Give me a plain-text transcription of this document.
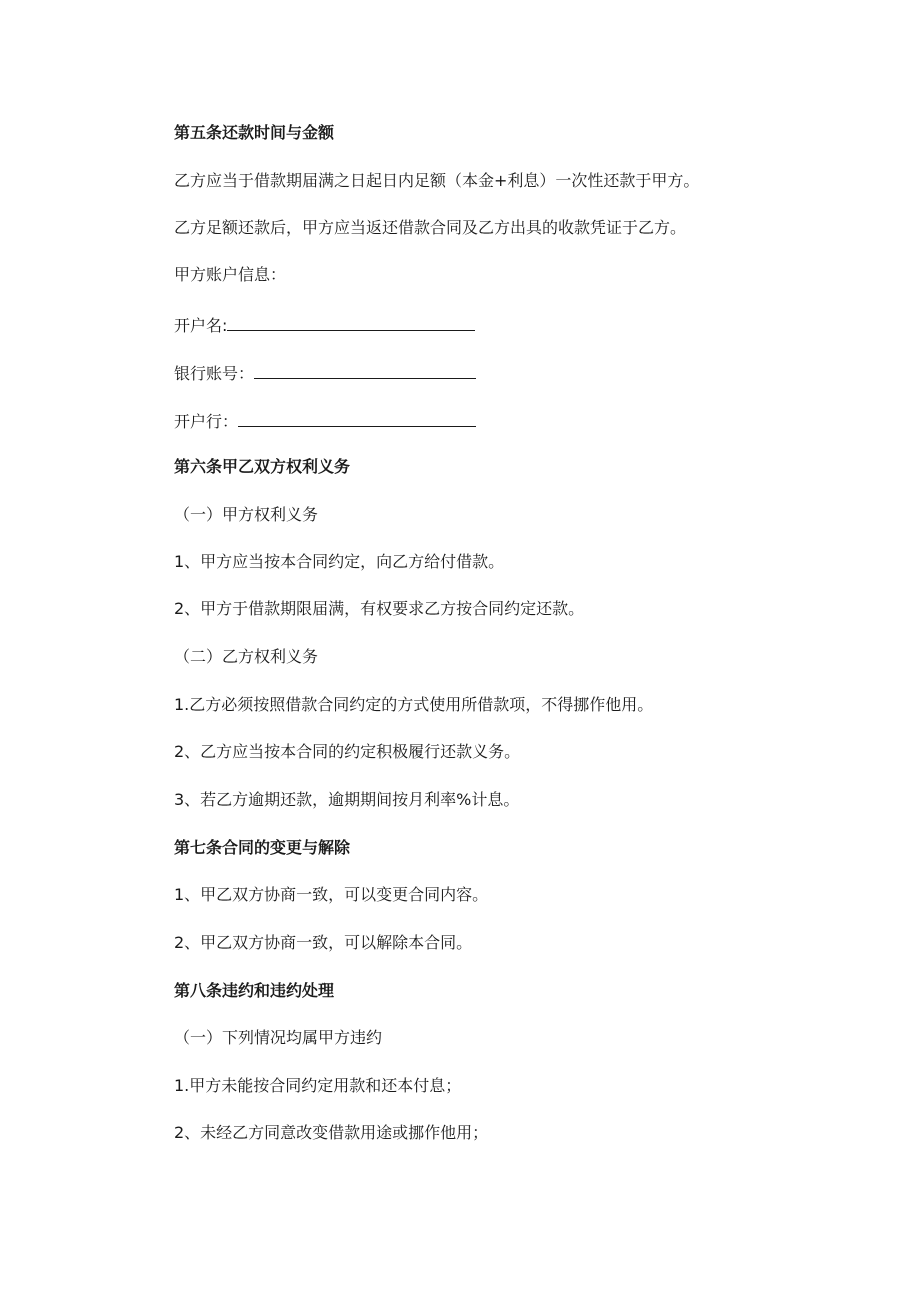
第五条还款时间与金额
乙方应当于借款期届满之日起日内足额（本金+利息）一次性还款于甲方。
乙方足额还款后，甲方应当返还借款合同及乙方出具的收款凭证于乙方。
甲方账户信息：
开户名:
银行账号：
开户行：
第六条甲乙双方权利义务
（一）甲方权利义务
1、甲方应当按本合同约定，向乙方给付借款。
2、甲方于借款期限届满，有权要求乙方按合同约定还款。
（二）乙方权利义务
1.乙方必须按照借款合同约定的方式使用所借款项，不得挪作他用。
2、乙方应当按本合同的约定积极履行还款义务。
3、若乙方逾期还款，逾期期间按月利率%计息。
第七条合同的变更与解除
1、甲乙双方协商一致，可以变更合同内容。
2、甲乙双方协商一致，可以解除本合同。
第八条违约和违约处理
（一）下列情况均属甲方违约
1.甲方未能按合同约定用款和还本付息；
2、未经乙方同意改变借款用途或挪作他用；
